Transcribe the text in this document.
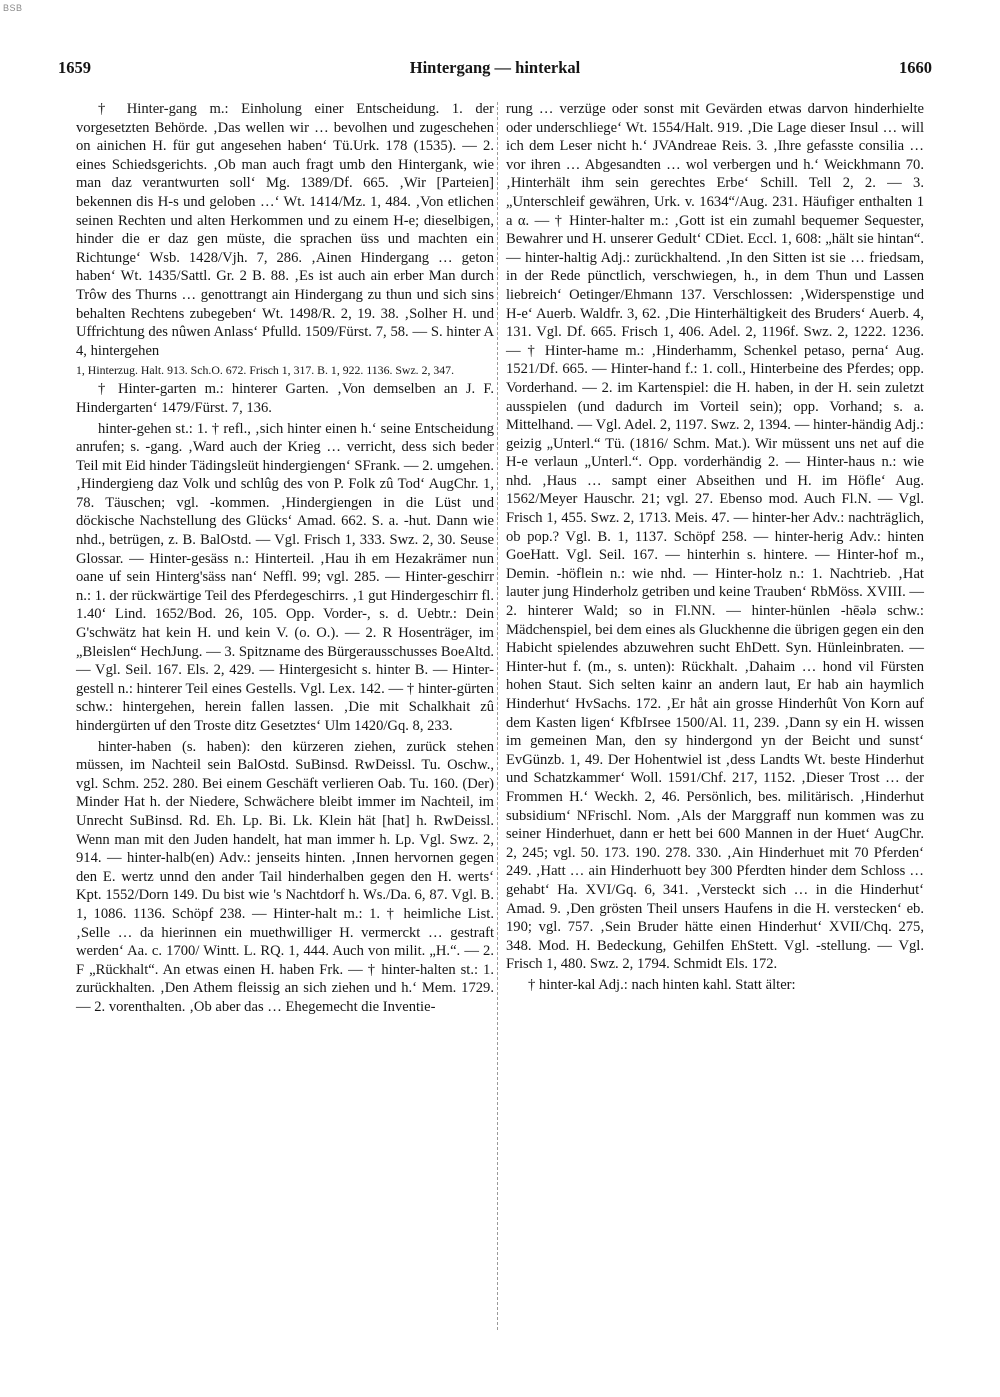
BSB
1659	Hintergang — hinterkal	1660

† Hinter-gang m.: Einholung einer Entscheidung. 1. der vorgesetzten Behörde. ‚Das wellen wir … bevolhen und zugeschehen on ainichen H. für gut angesehen haben‘ Tü.Urk. 178 (1535). — 2. eines Schiedsgerichts. ‚Ob man auch fragt umb den Hintergank, wie man daz verantwurten soll‘ Mg. 1389/Df. 665. ‚Wir [Parteien] bekennen dis H-s und geloben …‘ Wt. 1414/Mz. 1, 484. ‚Von etlichen seinen Rechten und alten Herkommen und zu einem H-e; dieselbigen, hinder die er daz gen müste, die sprachen üss und machten ein Richtunge‘ Wsb. 1428/Vjh. 7, 286. ‚Ainen Hindergang … geton haben‘ Wt. 1435/Sattl. Gr. 2 B. 88. ‚Es ist auch ain erber Man durch Trôw des Thurns … genottrangt ain Hindergang zu thun und sich sins behalten Rechtens zubegeben‘ Wt. 1498/R. 2, 19. 38. ‚Solher H. und Uffrichtung des nûwen Anlass‘ Pfulld. 1509/Fürst. 7, 58. — S. hinter A 4, hintergehen

1, Hinterzug. Halt. 913. Sch.O. 672. Frisch 1, 317. B. 1, 922. 1136. Swz. 2, 347.

† Hinter-garten m.: hinterer Garten. ‚Von demselben an J. F. Hindergarten‘ 1479/Fürst. 7, 136.

hinter-gehen st.: 1. † refl., ‚sich hinter einen h.‘ seine Entscheidung anrufen; s. -gang. ‚Ward auch der Krieg … verricht, dess sich beder Teil mit Eid hinder Tädingsleüt hindergiengen‘ SFrank. — 2. umgehen. ‚Hindergieng daz Volk und schlûg des von P. Folk zû Tod‘ AugChr. 1, 78. Täuschen; vgl. -kommen. ‚Hindergiengen in die Lüst und döckische Nachstellung des Glücks‘ Amad. 662. S. a. -hut. Dann wie nhd., betrügen, z. B. BalOstd. — Vgl. Frisch 1, 333. Swz. 2, 30. Seuse Glossar. — Hinter-gesäss n.: Hinterteil. ‚Hau ih em Hezakrämer nun oane uf sein Hinterg'säss nan‘ Neffl. 99; vgl. 285. — Hinter-geschirr n.: 1. der rückwärtige Teil des Pferdegeschirrs. ‚1 gut Hindergeschirr fl. 1.40‘ Lind. 1652/Bod. 26, 105. Opp. Vorder-, s. d. Uebtr.: Dein G'schwätz hat kein H. und kein V. (o. O.). — 2. R Hosenträger, im „Bleislen“ HechJung. — 3. Spitzname des Bürgerausschusses BoeAltd. — Vgl. Seil. 167. Els. 2, 429. — Hintergesicht s. hinter B. — Hinter-gestell n.: hinterer Teil eines Gestells. Vgl. Lex. 142. — † hinter-gürten schw.: hintergehen, herein fallen lassen. ‚Die mit Schalkhait zû hindergürten uf den Troste ditz Gesetztes‘ Ulm 1420/Gq. 8, 233.

hinter-haben (s. haben): den kürzeren ziehen, zurück stehen müssen, im Nachteil sein BalOstd. SuBinsd. RwDeissl. Tu. Oschw., vgl. Schm. 252. 280. Bei einem Geschäft verlieren Oab. Tu. 160. (Der) Minder Hat h. der Niedere, Schwächere bleibt immer im Nachteil, im Unrecht SuBinsd. Rd. Eh. Lp. Bi. Lk. Klein hät [hat] h. RwDeissl. Wenn man mit den Juden handelt, hat man immer h. Lp. Vgl. Swz. 2, 914. — hinter-halb(en) Adv.: jenseits hinten. ‚Innen hervornen gegen den E. wertz unnd den ander Tail hinderhalben gegen den H. werts‘ Kpt. 1552/Dorn 149. Du bist wie 's Nachtdorf h. Ws./Da. 6, 87. Vgl. B. 1, 1086. 1136. Schöpf 238. — Hinter-halt m.: 1. † heimliche List. ‚Selle … da hierinnen ein muethwilliger H. vermerckt … gestraft werden‘ Aa. c. 1700/ Wintt. L. RQ. 1, 444. Auch von milit. „H.“. — 2. F „Rückhalt“. An etwas einen H. haben Frk. — † hinter-halten st.: 1. zurückhalten. ‚Den Athem fleissig an sich ziehen und h.‘ Mem. 1729. — 2. vorenthalten. ‚Ob aber das … Ehegemecht die Inventie-

rung … verzüge oder sonst mit Gevärden etwas darvon hinderhielte oder underschliege‘ Wt. 1554/Halt. 919. ‚Die Lage dieser Insul … will ich dem Leser nicht h.‘ JVAndreae Reis. 3. ‚Ihre gefasste consilia … vor ihren … Abgesandten … wol verbergen und h.‘ Weickhmann 70. ‚Hinterhält ihm sein gerechtes Erbe‘ Schill. Tell 2, 2. — 3. „Unterschleif gewähren, Urk. v. 1634“/Aug. 231. Häufiger enthalten 1 a α. — † Hinter-halter m.: ‚Gott ist ein zumahl bequemer Sequester, Bewahrer und H. unserer Gedult‘ CDiet. Eccl. 1, 608: „hält sie hintan“. — hinter-haltig Adj.: zurückhaltend. ‚In den Sitten ist sie … friedsam, in der Rede pünctlich, verschwiegen, h., in dem Thun und Lassen liebreich‘ Oetinger/Ehmann 137. Verschlossen: ‚Widerspenstige und H-e‘ Auerb. Waldfr. 3, 62. ‚Die Hinterhältigkeit des Bruders‘ Auerb. 4, 131. Vgl. Df. 665. Frisch 1, 406. Adel. 2, 1196f. Swz. 2, 1222. 1236. — † Hinter-hame m.: ‚Hinderhamm, Schenkel petaso, perna‘ Aug. 1521/Df. 665. — Hinter-hand f.: 1. coll., Hinterbeine des Pferdes; opp. Vorderhand. — 2. im Kartenspiel: die H. haben, in der H. sein zuletzt ausspielen (und dadurch im Vorteil sein); opp. Vorhand; s. a. Mittelhand. — Vgl. Adel. 2, 1197. Swz. 2, 1394. — hinter-händig Adj.: geizig „Unterl.“ Tü. (1816/ Schm. Mat.). Wir müssent uns net auf die H-e verlaun „Unterl.“. Opp. vorderhändig 2. — Hinter-haus n.: wie nhd. ‚Haus … sampt einer Abseithen und H. im Höfle‘ Aug. 1562/Meyer Hauschr. 21; vgl. 27. Ebenso mod. Auch Fl.N. — Vgl. Frisch 1, 455. Swz. 2, 1713. Meis. 47. — hinter-her Adv.: nachträglich, ob pop.? Vgl. B. 1, 1137. Schöpf 258. — hinter-herig Adv.: hinten GoeHatt. Vgl. Seil. 167. — hinterhin s. hintere. — Hinter-hof m., Demin. -höflein n.: wie nhd. — Hinter-holz n.: 1. Nachtrieb. ‚Hat lauter jung Hinderholz getriben und keine Trauben‘ RbMöss. XVIII. — 2. hinterer Wald; so in Fl.NN. — hinter-hünlen -hēələ schw.: Mädchenspiel, bei dem eines als Gluckhenne die übrigen gegen ein den Habicht spielendes abzuwehren sucht EhDett. Syn. Hünleinbraten. — Hinter-hut f. (m., s. unten): Rückhalt. ‚Dahaim … hond vil Fürsten hohen Staut. Sich selten kainr an andern laut, Er hab ain haymlich Hinderhut‘ HvSachs. 172. ‚Er håt ain grosse Hinderhût Von Korn auf dem Kasten ligen‘ KfbIrsee 1500/Al. 11, 239. ‚Dann sy ein H. wissen im gemeinen Man, den sy hindergond yn der Beicht und sunst‘ EvGünzb. 1, 49. Der Hohentwiel ist ‚dess Landts Wt. beste Hinderhut und Schatzkammer‘ Woll. 1591/Chf. 217, 1152. ‚Dieser Trost … der Frommen H.‘ Weckh. 2, 46. Persönlich, bes. militärisch. ‚Hinderhut subsidium‘ NFrischl. Nom. ‚Als der Marggraff nun kommen was zu seiner Hinderhuet, dann er hett bei 600 Mannen in der Huet‘ AugChr. 2, 245; vgl. 50. 173. 190. 278. 330. ‚Ain Hinderhuet mit 70 Pferden‘ 249. ‚Hatt … ain Hinderhuott bey 300 Pferdten hinder dem Schloss … gehabt‘ Ha. XVI/Gq. 6, 341. ‚Versteckt sich … in die Hinderhut‘ Amad. 9. ‚Den grösten Theil unsers Haufens in die H. verstecken‘ eb. 190; vgl. 757. ‚Sein Bruder hätte einen Hinderhut‘ XVII/Chq. 275, 348. Mod. H. Bedeckung, Gehilfen EhStett. Vgl. -stellung. — Vgl. Frisch 1, 480. Swz. 2, 1794. Schmidt Els. 172.

† hinter-kal Adj.: nach hinten kahl. Statt älter:
